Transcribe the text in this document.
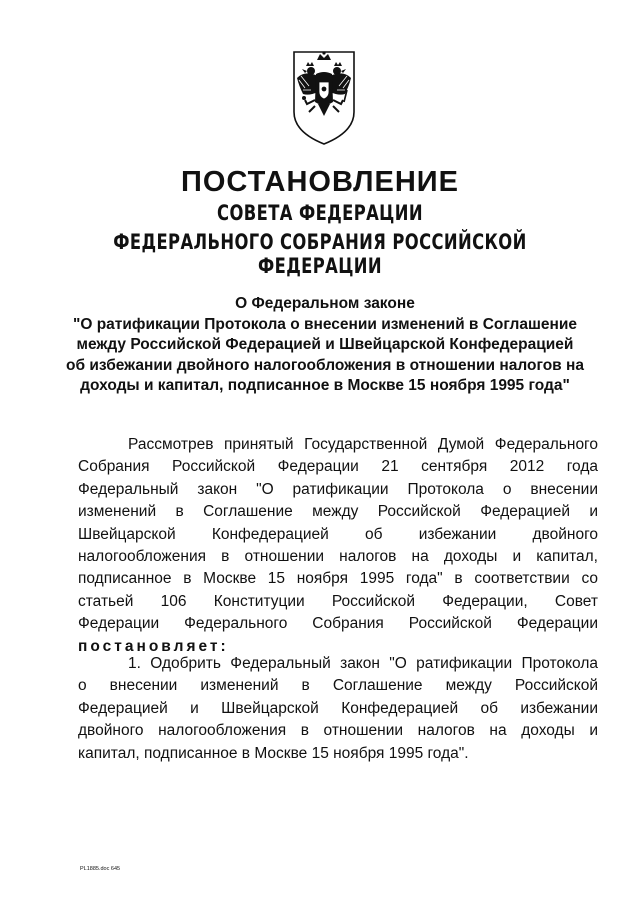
ПОСТАНОВЛЕНИЕ
СОВЕТА ФЕДЕРАЦИИ
ФЕДЕРАЛЬНОГО СОБРАНИЯ РОССИЙСКОЙ ФЕДЕРАЦИИ
О Федеральном законе
"О ратификации Протокола о внесении изменений в Соглашение
между Российской Федерацией и Швейцарской Конфедерацией
об избежании двойного налогообложения в отношении налогов на
доходы и капитал, подписанное в Москве 15 ноября 1995 года"
Рассмотрев принятый Государственной Думой Федерального
Собрания Российской Федерации 21 сентября 2012 года
Федеральный закон "О ратификации Протокола о внесении
изменений в Соглашение между Российской Федерацией и
Швейцарской Конфедерацией об избежании двойного
налогообложения в отношении налогов на доходы и капитал,
подписанное в Москве 15 ноября 1995 года" в соответствии со
статьей 106 Конституции Российской Федерации, Совет
Федерации Федерального Собрания Российской Федерации
постановляет:
1. Одобрить Федеральный закон "О ратификации Протокола
о внесении изменений в Соглашение между Российской
Федерацией и Швейцарской Конфедерацией об избежании
двойного налогообложения в отношении налогов на доходы и
капитал, подписанное в Москве 15 ноября 1995 года".
PL1885.doc 645
